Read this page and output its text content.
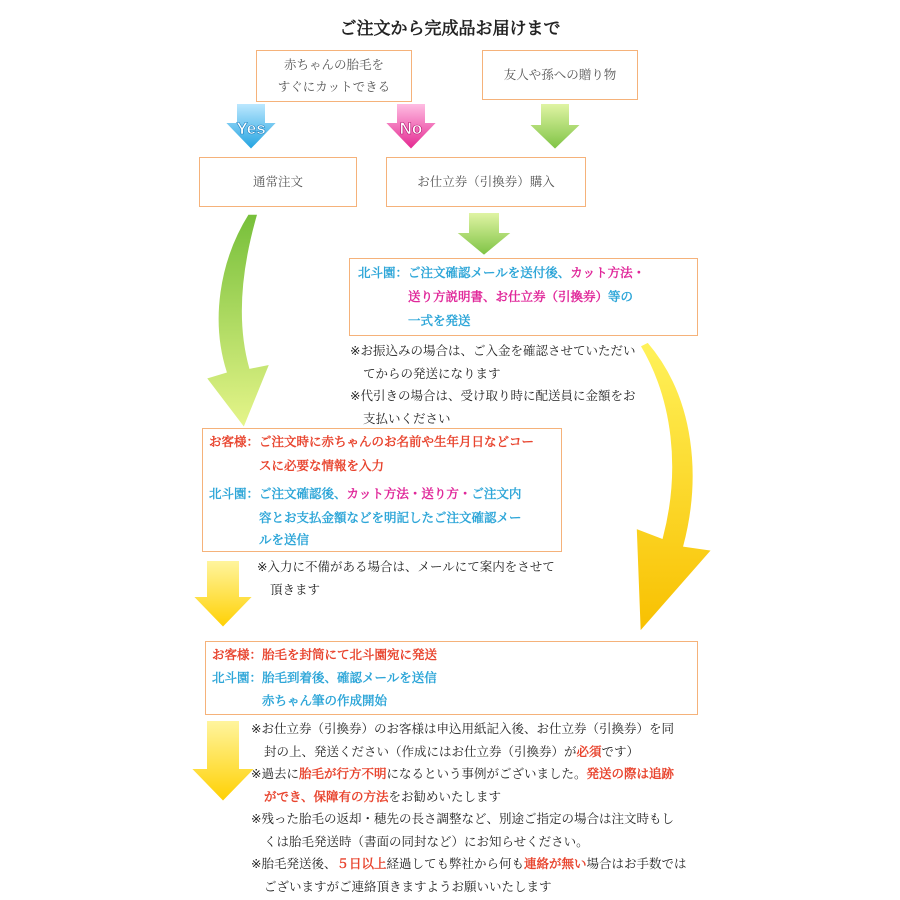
Yes	No
ご注文から完成品お届けまで
赤ちゃんの胎毛を
すぐにカットできる
友人や孫への贈り物
通常注文	お仕立券（引換券）購入
北斗園：ご注文確認メールを送付後、カット方法・
送り方説明書、お仕立券（引換券）等の
一式を発送
※お振込みの場合は、ご入金を確認させていただい
てからの発送になります
※代引きの場合は、受け取り時に配送員に金額をお
支払いください
お客様：ご注文時に赤ちゃんのお名前や生年月日などコー
スに必要な情報を入力
北斗園：ご注文確認後、カット方法・送り方・ご注文内
容とお支払金額などを明記したご注文確認メー
ルを送信
※入力に不備がある場合は、メールにて案内をさせて
頂きます
お客様：胎毛を封筒にて北斗園宛に発送
北斗園：胎毛到着後、確認メールを送信
赤ちゃん筆の作成開始
※お仕立券（引換券）のお客様は申込用紙記入後、お仕立券（引換券）を同
封の上、発送ください（作成にはお仕立券（引換券）が必須です）
※過去に胎毛が行方不明になるという事例がございました。発送の際は追跡
ができ、保障有の方法をお勧めいたします
※残った胎毛の返却・穂先の長さ調整など、別途ご指定の場合は注文時もし
くは胎毛発送時（書面の同封など）にお知らせください。
※胎毛発送後、５日以上経過しても弊社から何も連絡が無い場合はお手数では
ございますがご連絡頂きますようお願いいたします
